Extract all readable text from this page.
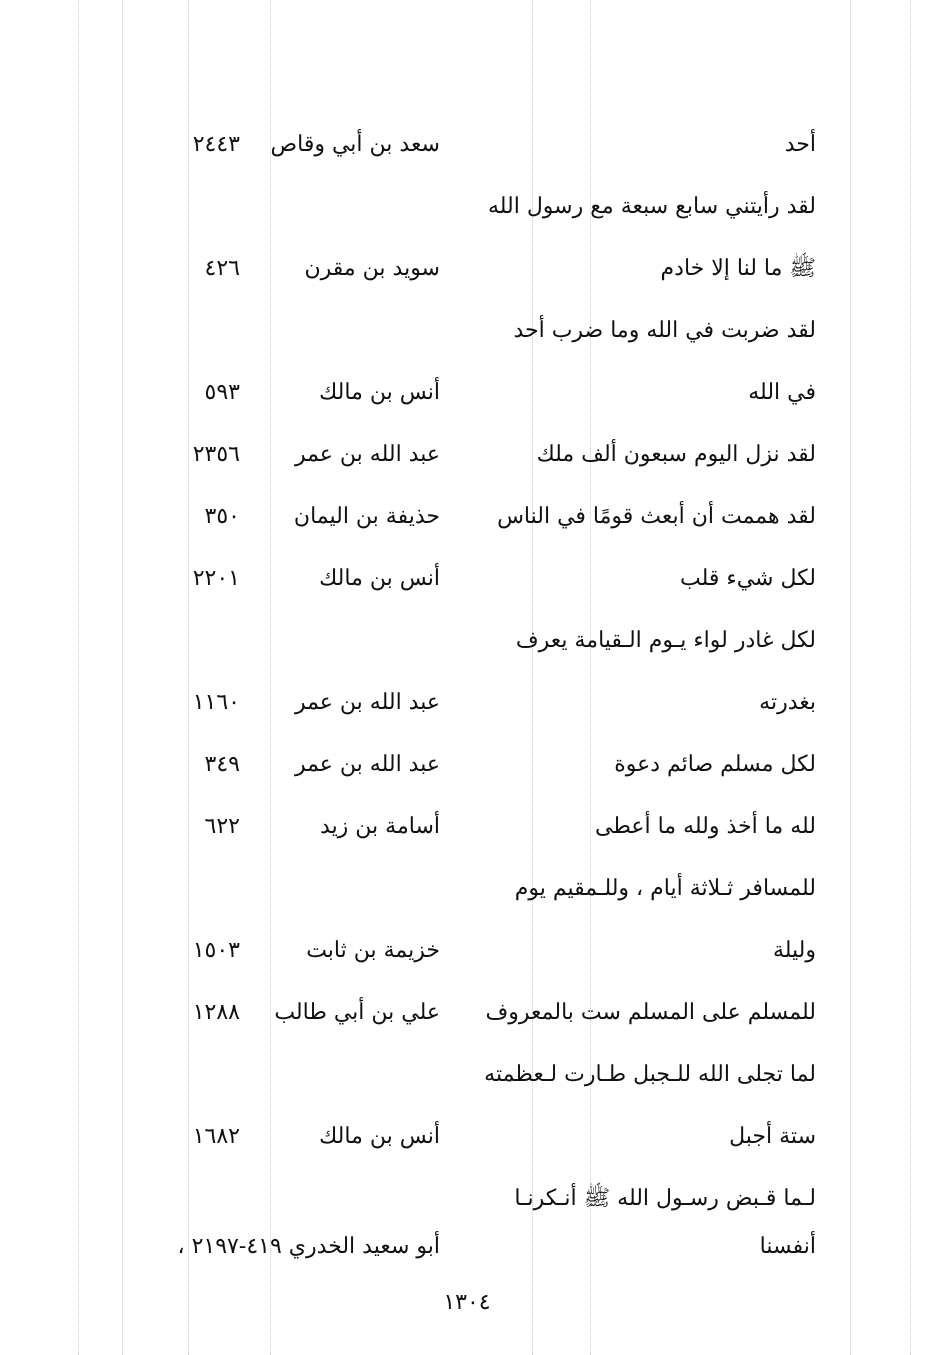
أحد
سعد بن أبي وقاص
٢٤٤٣
لقد رأيتني سابع سبعة مع رسول الله
ﷺ ما لنا إلا خادم
سويد بن مقرن
٤٢٦
لقد ضربت في الله وما ضرب أحد
في الله
أنس بن مالك
٥٩٣
لقد نزل اليوم سبعون ألف ملك
عبد الله بن عمر
٢٣٥٦
لقد هممت أن أبعث قومًا في الناس
حذيفة بن اليمان
٣٥٠
لكل شيء قلب
أنس بن مالك
٢٢٠١
لكل غادر لواء يـوم الـقيامة يعرف
بغدرته
عبد الله بن عمر
١١٦٠
لكل مسلم صائم دعوة
عبد الله بن عمر
٣٤٩
لله ما أخذ ولله ما أعطى
أسامة بن زيد
٦٢٢
للمسافر ثـلاثة أيام ، وللـمقيم يوم
وليلة
خزيمة بن ثابت
١٥٠٣
للمسلم على المسلم ست بالمعروف
علي بن أبي طالب
١٢٨٨
لما تجلى الله للـجبل طـارت لـعظمته
ستة أجبل
أنس بن مالك
١٦٨٢
لـما قـبض رسـول الله ﷺ أنـكرنـا
أنفسنا
أبو سعيد الخدري ٤١٩-٢١٩٧ ،
١٣٠٤
